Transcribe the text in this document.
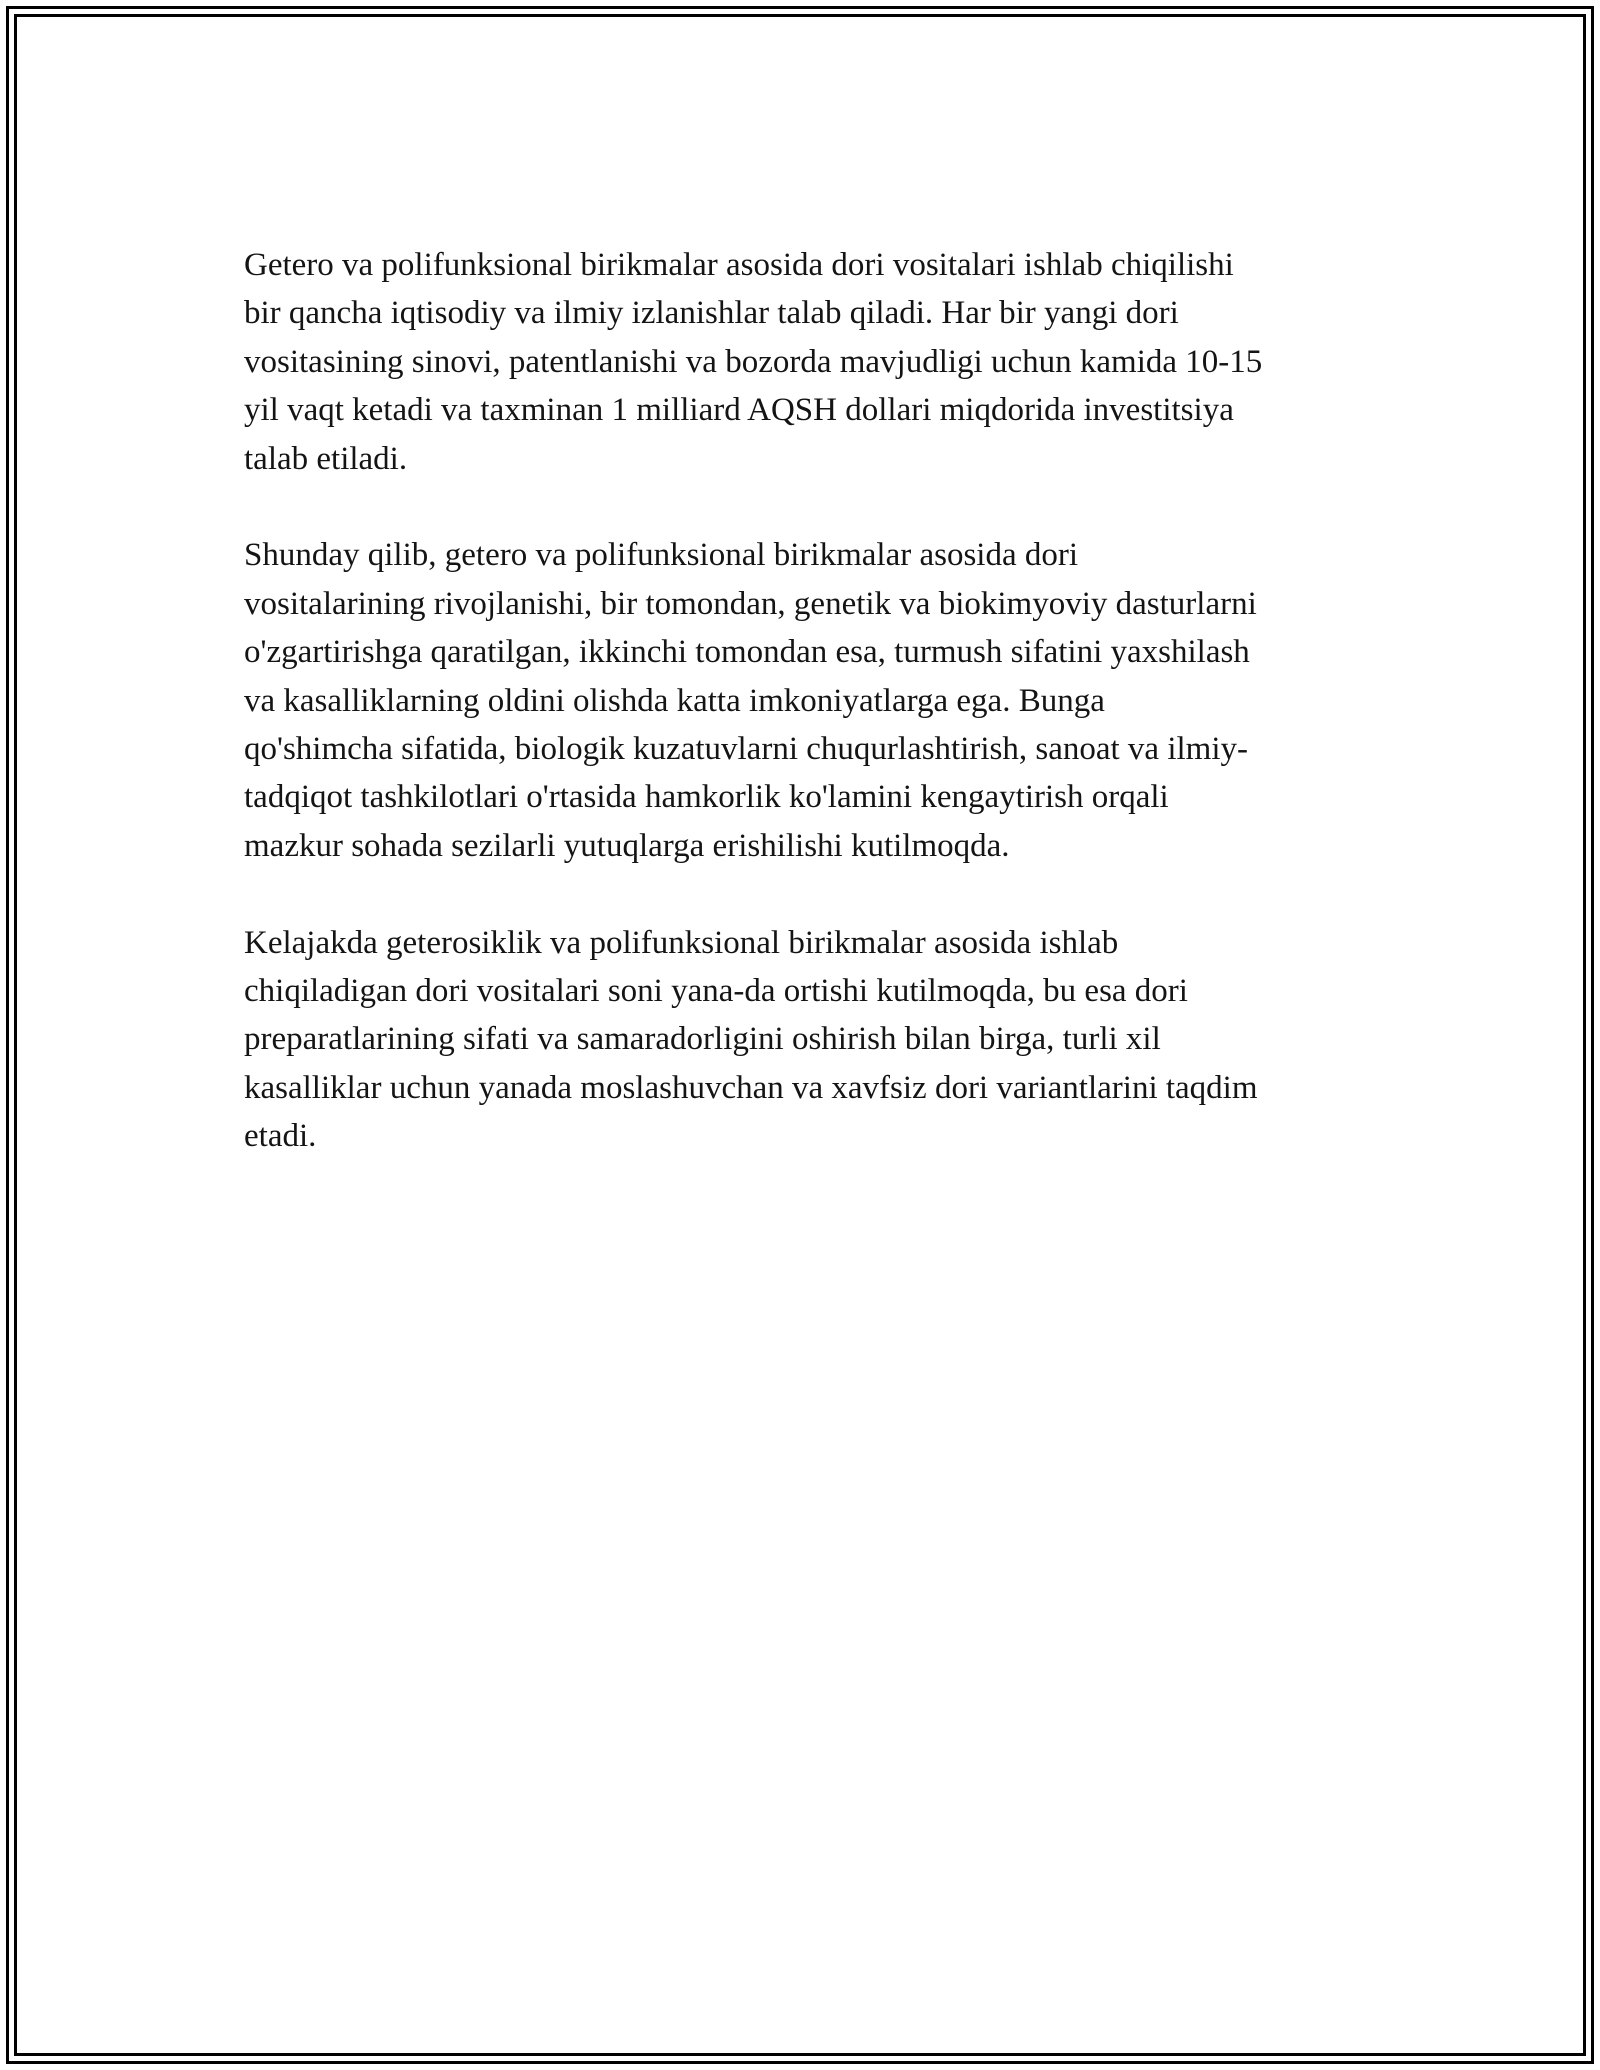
Getero va polifunksional birikmalar asosida dori vositalari ishlab chiqilishi
bir qancha iqtisodiy va ilmiy izlanishlar talab qiladi. Har bir yangi dori
vositasining sinovi, patentlanishi va bozorda mavjudligi uchun kamida 10-15
yil vaqt ketadi va taxminan 1 milliard AQSH dollari miqdorida investitsiya
talab etiladi.

Shunday qilib, getero va polifunksional birikmalar asosida dori
vositalarining rivojlanishi, bir tomondan, genetik va biokimyoviy dasturlarni
o'zgartirishga qaratilgan, ikkinchi tomondan esa, turmush sifatini yaxshilash
va kasalliklarning oldini olishda katta imkoniyatlarga ega. Bunga
qo'shimcha sifatida, biologik kuzatuvlarni chuqurlashtirish, sanoat va ilmiy-
tadqiqot tashkilotlari o'rtasida hamkorlik ko'lamini kengaytirish orqali
mazkur sohada sezilarli yutuqlarga erishilishi kutilmoqda.

Kelajakda geterosiklik va polifunksional birikmalar asosida ishlab
chiqiladigan dori vositalari soni yana-da ortishi kutilmoqda, bu esa dori
preparatlarining sifati va samaradorligini oshirish bilan birga, turli xil
kasalliklar uchun yanada moslashuvchan va xavfsiz dori variantlarini taqdim
etadi.
